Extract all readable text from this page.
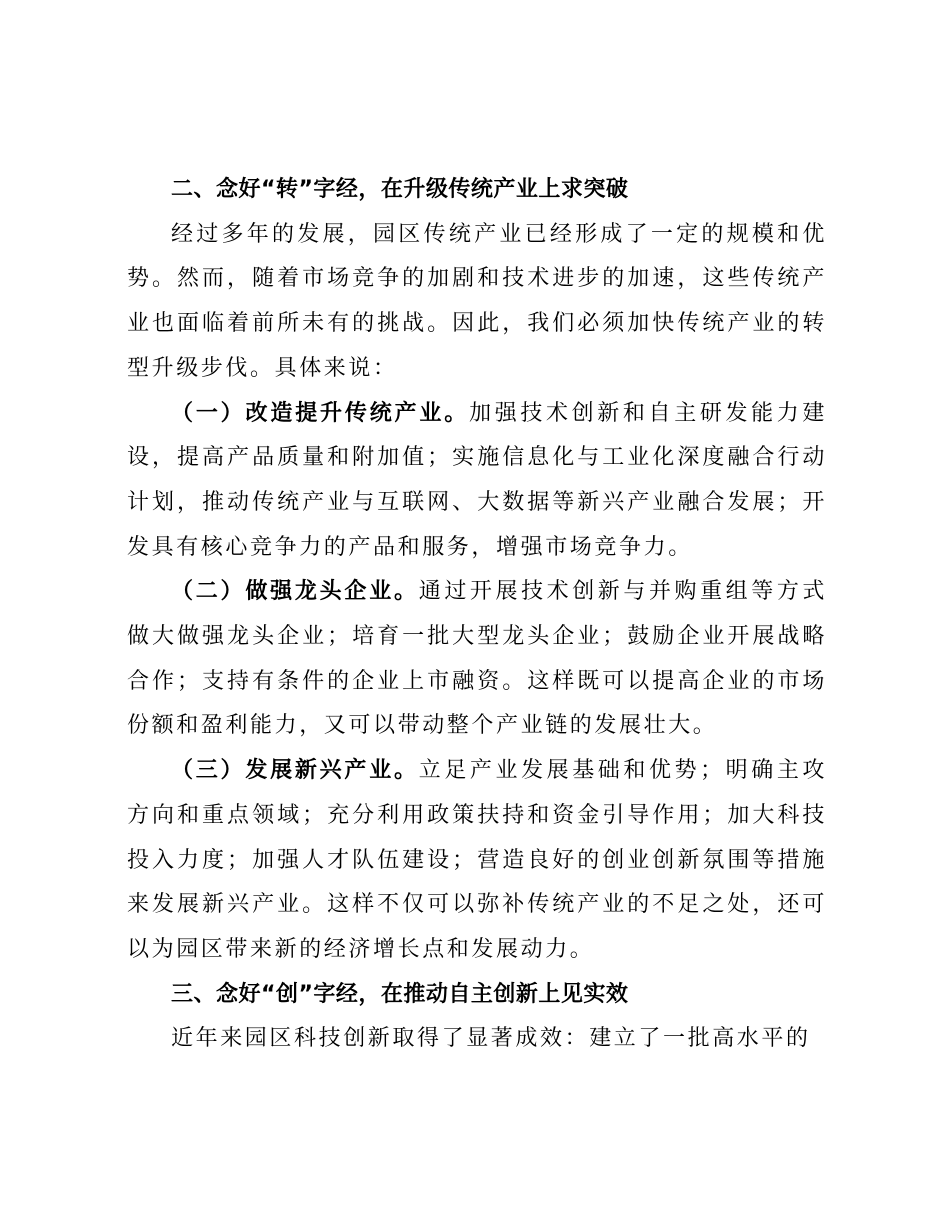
二、念好“转”字经，在升级传统产业上求突破

经过多年的发展，园区传统产业已经形成了一定的规模和优势。然而，随着市场竞争的加剧和技术进步的加速，这些传统产业也面临着前所未有的挑战。因此，我们必须加快传统产业的转型升级步伐。具体来说：

（一）改造提升传统产业。加强技术创新和自主研发能力建设，提高产品质量和附加值；实施信息化与工业化深度融合行动计划，推动传统产业与互联网、大数据等新兴产业融合发展；开发具有核心竞争力的产品和服务，增强市场竞争力。

（二）做强龙头企业。通过开展技术创新与并购重组等方式做大做强龙头企业；培育一批大型龙头企业；鼓励企业开展战略合作；支持有条件的企业上市融资。这样既可以提高企业的市场份额和盈利能力，又可以带动整个产业链的发展壮大。

（三）发展新兴产业。立足产业发展基础和优势；明确主攻方向和重点领域；充分利用政策扶持和资金引导作用；加大科技投入力度；加强人才队伍建设；营造良好的创业创新氛围等措施来发展新兴产业。这样不仅可以弥补传统产业的不足之处，还可以为园区带来新的经济增长点和发展动力。

三、念好“创”字经，在推动自主创新上见实效

近年来园区科技创新取得了显著成效：建立了一批高水平的
